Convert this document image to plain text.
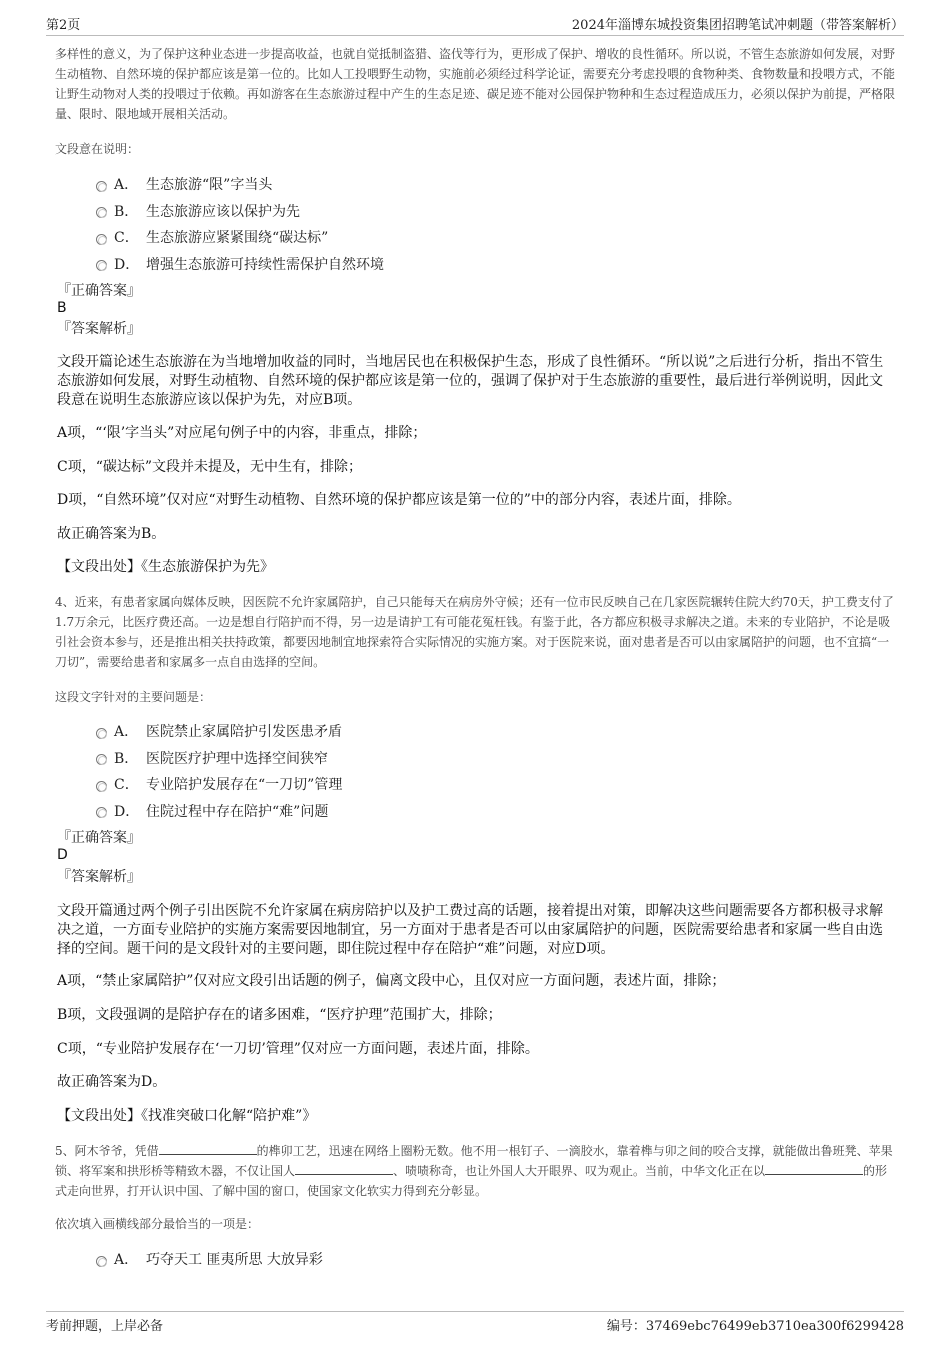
第2页	2024年淄博东城投资集团招聘笔试冲刺题（带答案解析）
多样性的意义，为了保护这种业态进一步提高收益，也就自觉抵制盗猎、盗伐等行为，更形成了保护、增收的良性循环。所以说，不管生态旅游如何发展，对野生动植物、自然环境的保护都应该是第一位的。比如人工投喂野生动物，实施前必须经过科学论证，需要充分考虑投喂的食物种类、食物数量和投喂方式，不能让野生动物对人类的投喂过于依赖。再如游客在生态旅游过程中产生的生态足迹、碳足迹不能对公园保护物种和生态过程造成压力，必须以保护为前提，严格限量、限时、限地域开展相关活动。
文段意在说明：
A． 生态旅游“限”字当头
B． 生态旅游应该以保护为先
C． 生态旅游应紧紧围绕“碳达标”
D． 增强生态旅游可持续性需保护自然环境
『正确答案』
B
『答案解析』
文段开篇论述生态旅游在为当地增加收益的同时，当地居民也在积极保护生态，形成了良性循环。“所以说”之后进行分析，指出不管生态旅游如何发展，对野生动植物、自然环境的保护都应该是第一位的，强调了保护对于生态旅游的重要性，最后进行举例说明，因此文段意在说明生态旅游应该以保护为先，对应B项。
A项，“‘限’字当头”对应尾句例子中的内容，非重点，排除；
C项，“碳达标”文段并未提及，无中生有，排除；
D项，“自然环境”仅对应“对野生动植物、自然环境的保护都应该是第一位的”中的部分内容，表述片面，排除。
故正确答案为B。
【文段出处】《生态旅游保护为先》
4、近来，有患者家属向媒体反映，因医院不允许家属陪护，自己只能每天在病房外守候；还有一位市民反映自己在几家医院辗转住院大约70天，护工费支付了1.7万余元，比医疗费还高。一边是想自行陪护而不得，另一边是请护工有可能花冤枉钱。有鉴于此，各方都应积极寻求解决之道。未来的专业陪护，不论是吸引社会资本参与，还是推出相关扶持政策，都要因地制宜地探索符合实际情况的实施方案。对于医院来说，面对患者是否可以由家属陪护的问题，也不宜搞“一刀切”，需要给患者和家属多一点自由选择的空间。
这段文字针对的主要问题是：
A． 医院禁止家属陪护引发医患矛盾
B． 医院医疗护理中选择空间狭窄
C． 专业陪护发展存在“一刀切”管理
D． 住院过程中存在陪护“难”问题
『正确答案』
D
『答案解析』
文段开篇通过两个例子引出医院不允许家属在病房陪护以及护工费过高的话题，接着提出对策，即解决这些问题需要各方都积极寻求解决之道，一方面专业陪护的实施方案需要因地制宜，另一方面对于患者是否可以由家属陪护的问题，医院需要给患者和家属一些自由选择的空间。题干问的是文段针对的主要问题，即住院过程中存在陪护“难”问题，对应D项。
A项，“禁止家属陪护”仅对应文段引出话题的例子，偏离文段中心，且仅对应一方面问题，表述片面，排除；
B项，文段强调的是陪护存在的诸多困难，“医疗护理”范围扩大，排除；
C项，“专业陪护发展存在‘一刀切’管理”仅对应一方面问题，表述片面，排除。
故正确答案为D。
【文段出处】《找准突破口化解“陪护难”》
5、阿木爷爷，凭借	的榫卯工艺，迅速在网络上圈粉无数。他不用一根钉子、一滴胶水，靠着榫与卯之间的咬合支撑，就能做出鲁班凳、苹果锁、将军案和拱形桥等精致木器，不仅让国人	、啧啧称奇，也让外国人大开眼界、叹为观止。当前，中华文化正在以	的形式走向世界，打开认识中国、了解中国的窗口，使国家文化软实力得到充分彰显。
依次填入画横线部分最恰当的一项是：
A． 巧夺天工 匪夷所思 大放异彩
考前押题，上岸必备	编号：37469ebc76499eb3710ea300f6299428
